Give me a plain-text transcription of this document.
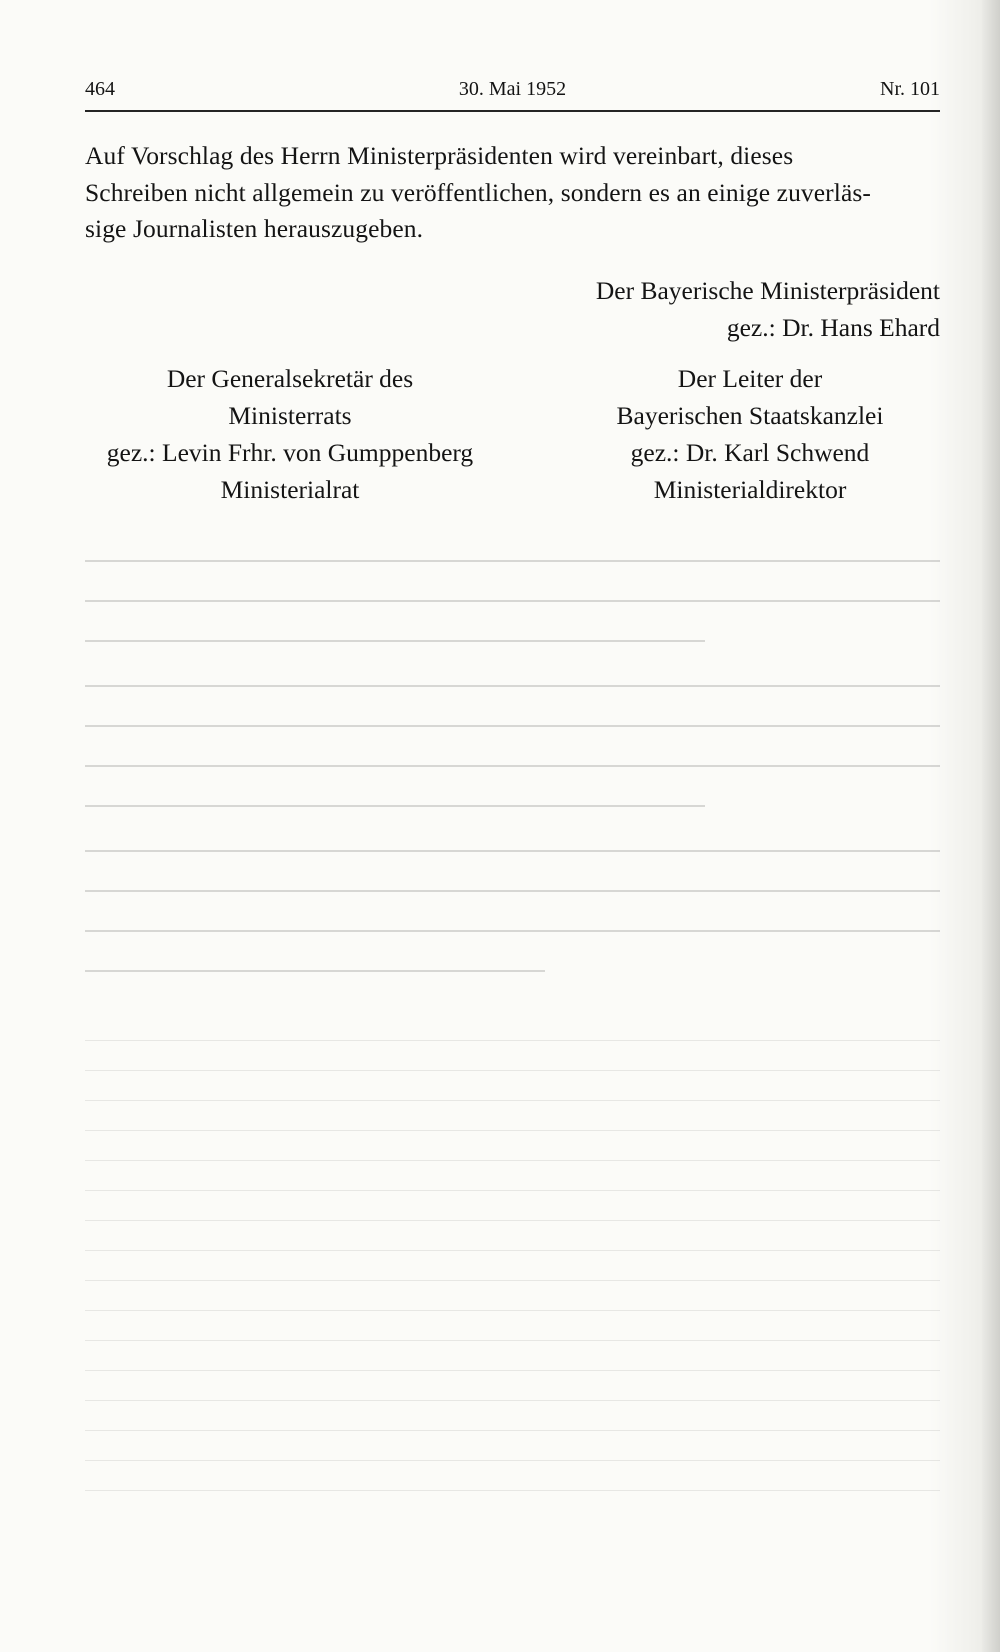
464	30. Mai 1952	Nr. 101
Auf Vorschlag des Herrn Ministerpräsidenten wird vereinbart, dieses
Schreiben nicht allgemein zu veröffentlichen, sondern es an einige zuverläs-
sige Journalisten herauszugeben.
Der Bayerische Ministerpräsident
gez.: Dr. Hans Ehard
Der Generalsekretär des
Ministerrats
gez.: Levin Frhr. von Gumppenberg
Ministerialrat
Der Leiter der
Bayerischen Staatskanzlei
gez.: Dr. Karl Schwend
Ministerialdirektor
